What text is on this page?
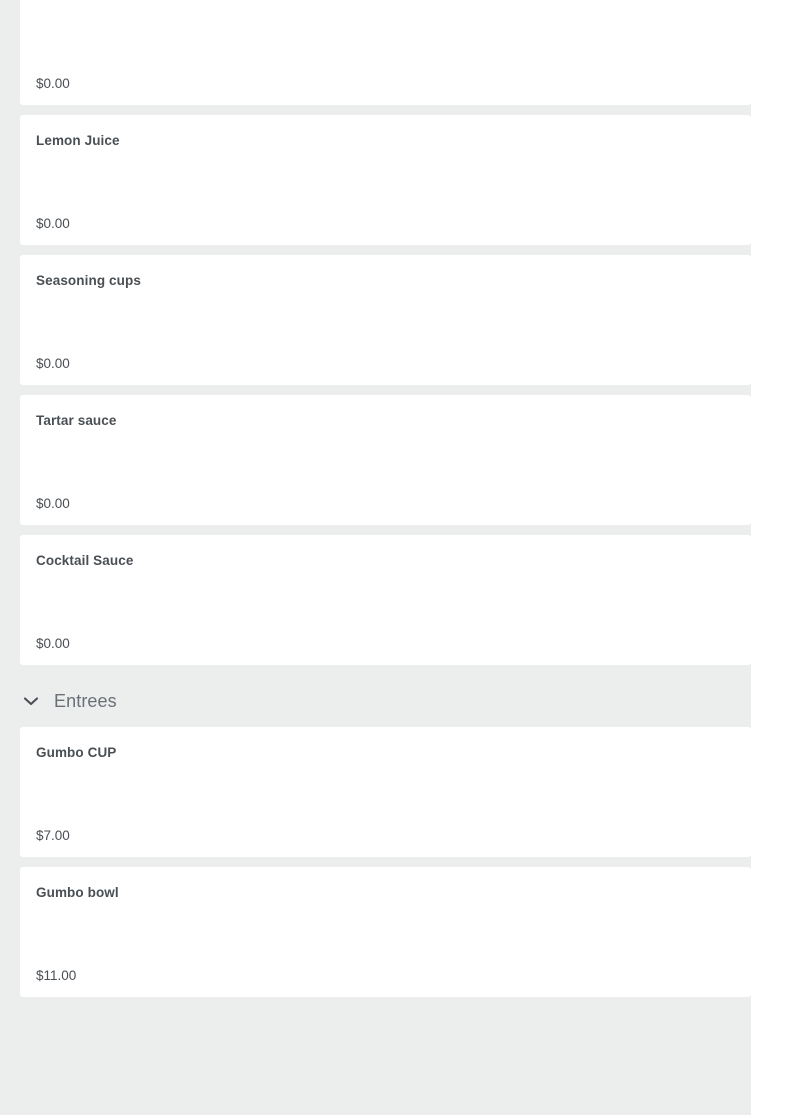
$0.00
Lemon Juice
$0.00
Seasoning cups
$0.00
Tartar sauce
$0.00
Cocktail Sauce
$0.00
Entrees
Gumbo CUP
$7.00
Gumbo bowl
$11.00
